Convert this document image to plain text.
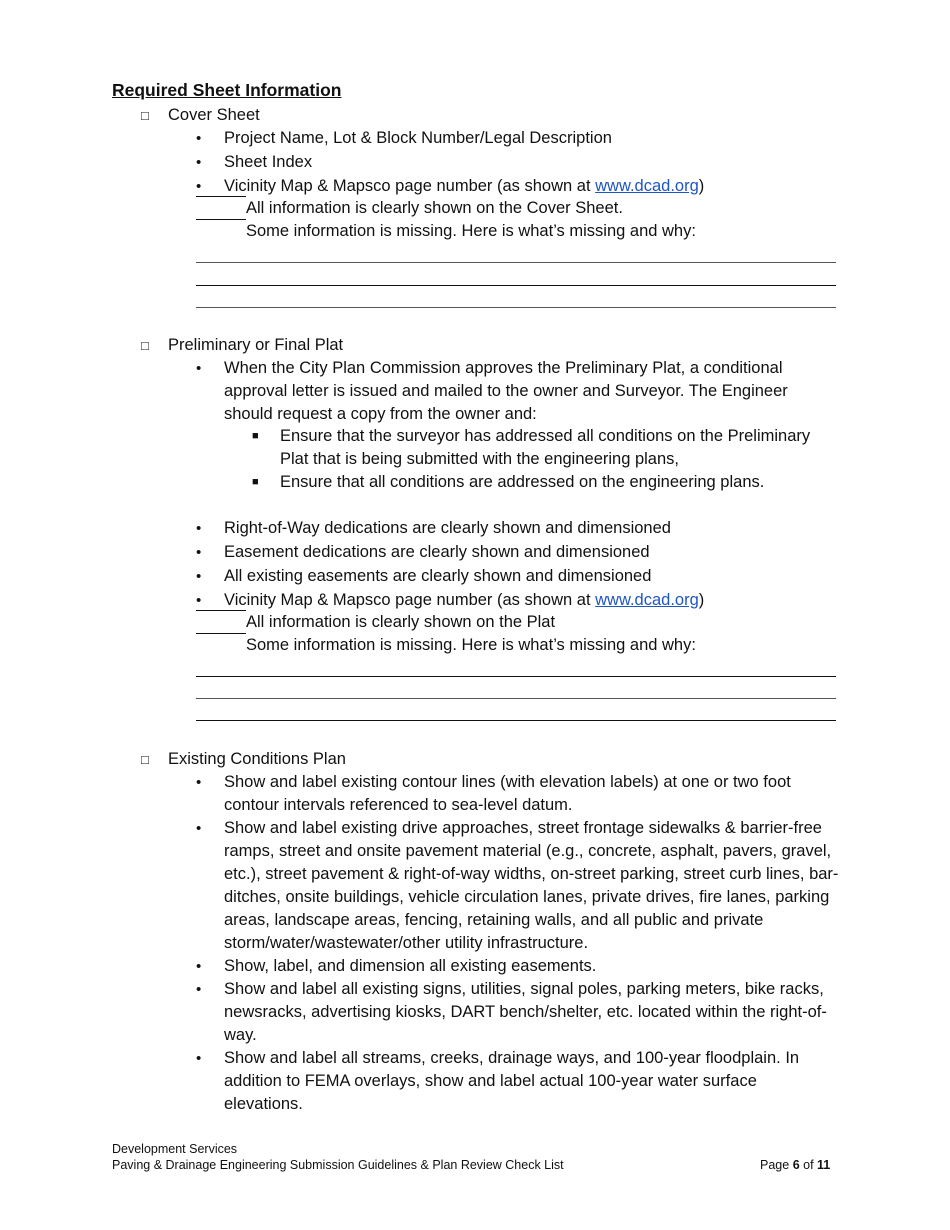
Required Sheet Information
□ Cover Sheet
• Project Name, Lot & Block Number/Legal Description
• Sheet Index
• Vicinity Map & Mapsco page number (as shown at www.dcad.org)
All information is clearly shown on the Cover Sheet.
Some information is missing. Here is what’s missing and why:
□ Preliminary or Final Plat
• When the City Plan Commission approves the Preliminary Plat, a conditional approval letter is issued and mailed to the owner and Surveyor. The Engineer should request a copy from the owner and:
■ Ensure that the surveyor has addressed all conditions on the Preliminary Plat that is being submitted with the engineering plans,
■ Ensure that all conditions are addressed on the engineering plans.
• Right-of-Way dedications are clearly shown and dimensioned
• Easement dedications are clearly shown and dimensioned
• All existing easements are clearly shown and dimensioned
• Vicinity Map & Mapsco page number (as shown at www.dcad.org)
All information is clearly shown on the Plat
Some information is missing. Here is what’s missing and why:
□ Existing Conditions Plan
• Show and label existing contour lines (with elevation labels) at one or two foot contour intervals referenced to sea-level datum.
• Show and label existing drive approaches, street frontage sidewalks & barrier-free ramps, street and onsite pavement material (e.g., concrete, asphalt, pavers, gravel, etc.), street pavement & right-of-way widths, on-street parking, street curb lines, bar-ditches, onsite buildings, vehicle circulation lanes, private drives, fire lanes, parking areas, landscape areas, fencing, retaining walls, and all public and private storm/water/wastewater/other utility infrastructure.
• Show, label, and dimension all existing easements.
• Show and label all existing signs, utilities, signal poles, parking meters, bike racks, newsracks, advertising kiosks, DART bench/shelter, etc. located within the right-of-way.
• Show and label all streams, creeks, drainage ways, and 100-year floodplain. In addition to FEMA overlays, show and label actual 100-year water surface elevations.
Development Services
Paving & Drainage Engineering Submission Guidelines & Plan Review Check List	Page 6 of 11
